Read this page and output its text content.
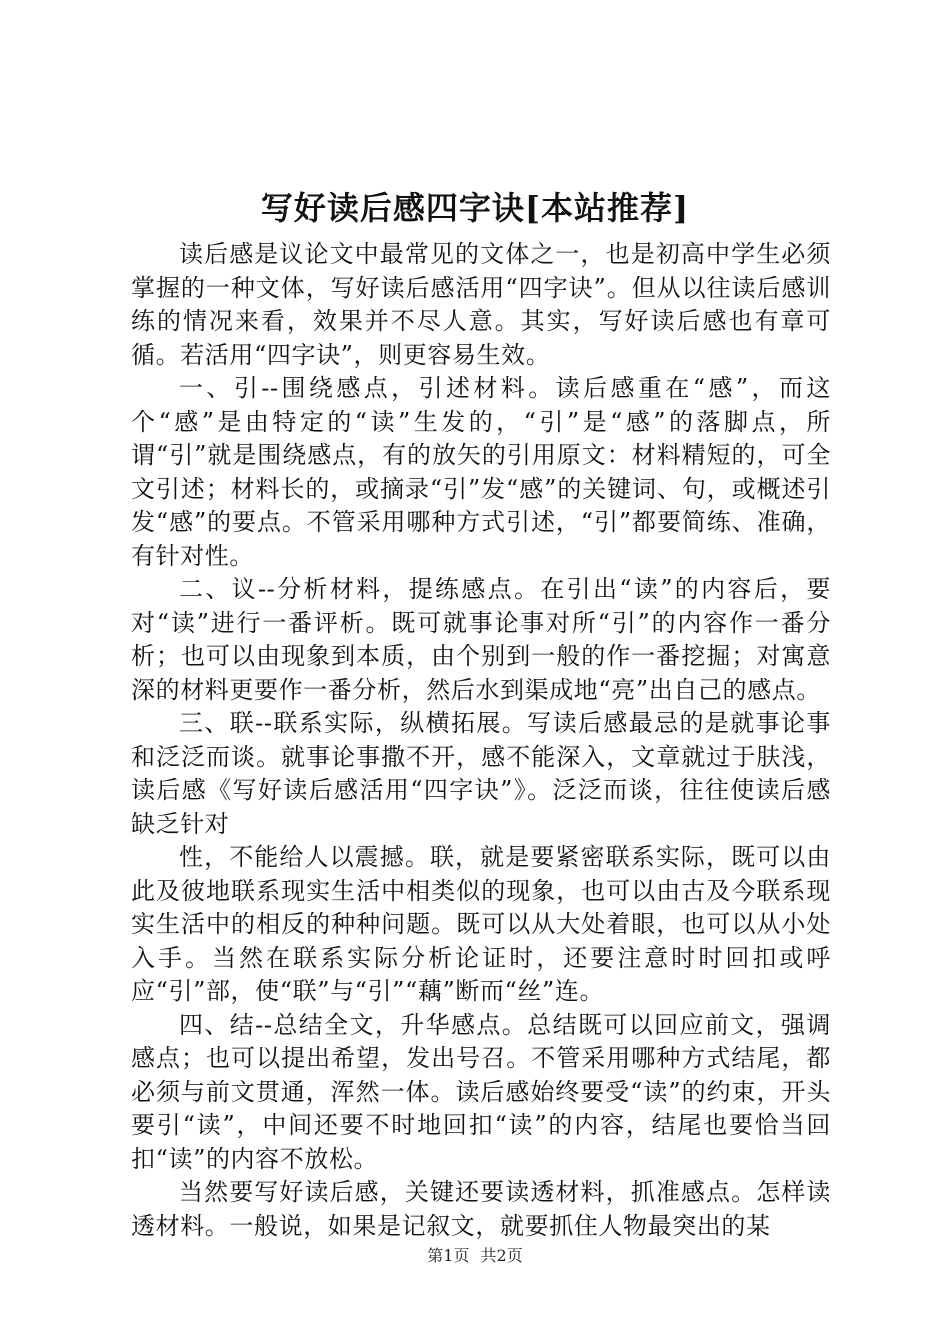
写好读后感四字诀[本站推荐]

读后感是议论文中最常见的文体之一，也是初高中学生必须掌握的一种文体，写好读后感活用“四字诀”。但从以往读后感训练的情况来看，效果并不尽人意。其实，写好读后感也有章可循。若活用“四字诀”，则更容易生效。

一、引--围绕感点，引述材料。读后感重在“感”，而这个“感”是由特定的“读”生发的，“引”是“感”的落脚点，所谓“引”就是围绕感点，有的放矢的引用原文：材料精短的，可全文引述；材料长的，或摘录“引”发“感”的关键词、句，或概述引发“感”的要点。不管采用哪种方式引述，“引”都要简练、准确，有针对性。

二、议--分析材料，提练感点。在引出“读”的内容后，要对“读”进行一番评析。既可就事论事对所“引”的内容作一番分析；也可以由现象到本质，由个别到一般的作一番挖掘；对寓意深的材料更要作一番分析，然后水到渠成地“亮”出自己的感点。

三、联--联系实际，纵横拓展。写读后感最忌的是就事论事和泛泛而谈。就事论事撒不开，感不能深入，文章就过于肤浅，读后感《写好读后感活用“四字诀”》。泛泛而谈，往往使读后感缺乏针对

性，不能给人以震撼。联，就是要紧密联系实际，既可以由此及彼地联系现实生活中相类似的现象，也可以由古及今联系现实生活中的相反的种种问题。既可以从大处着眼，也可以从小处入手。当然在联系实际分析论证时，还要注意时时回扣或呼应“引”部，使“联”与“引”“藕”断而“丝”连。

四、结--总结全文，升华感点。总结既可以回应前文，强调感点；也可以提出希望，发出号召。不管采用哪种方式结尾，都必须与前文贯通，浑然一体。读后感始终要受“读”的约束，开头要引“读”，中间还要不时地回扣“读”的内容，结尾也要恰当回扣“读”的内容不放松。

当然要写好读后感，关键还要读透材料，抓准感点。怎样读透材料。一般说，如果是记叙文，就要抓住人物最突出的某

第1页 共2页
